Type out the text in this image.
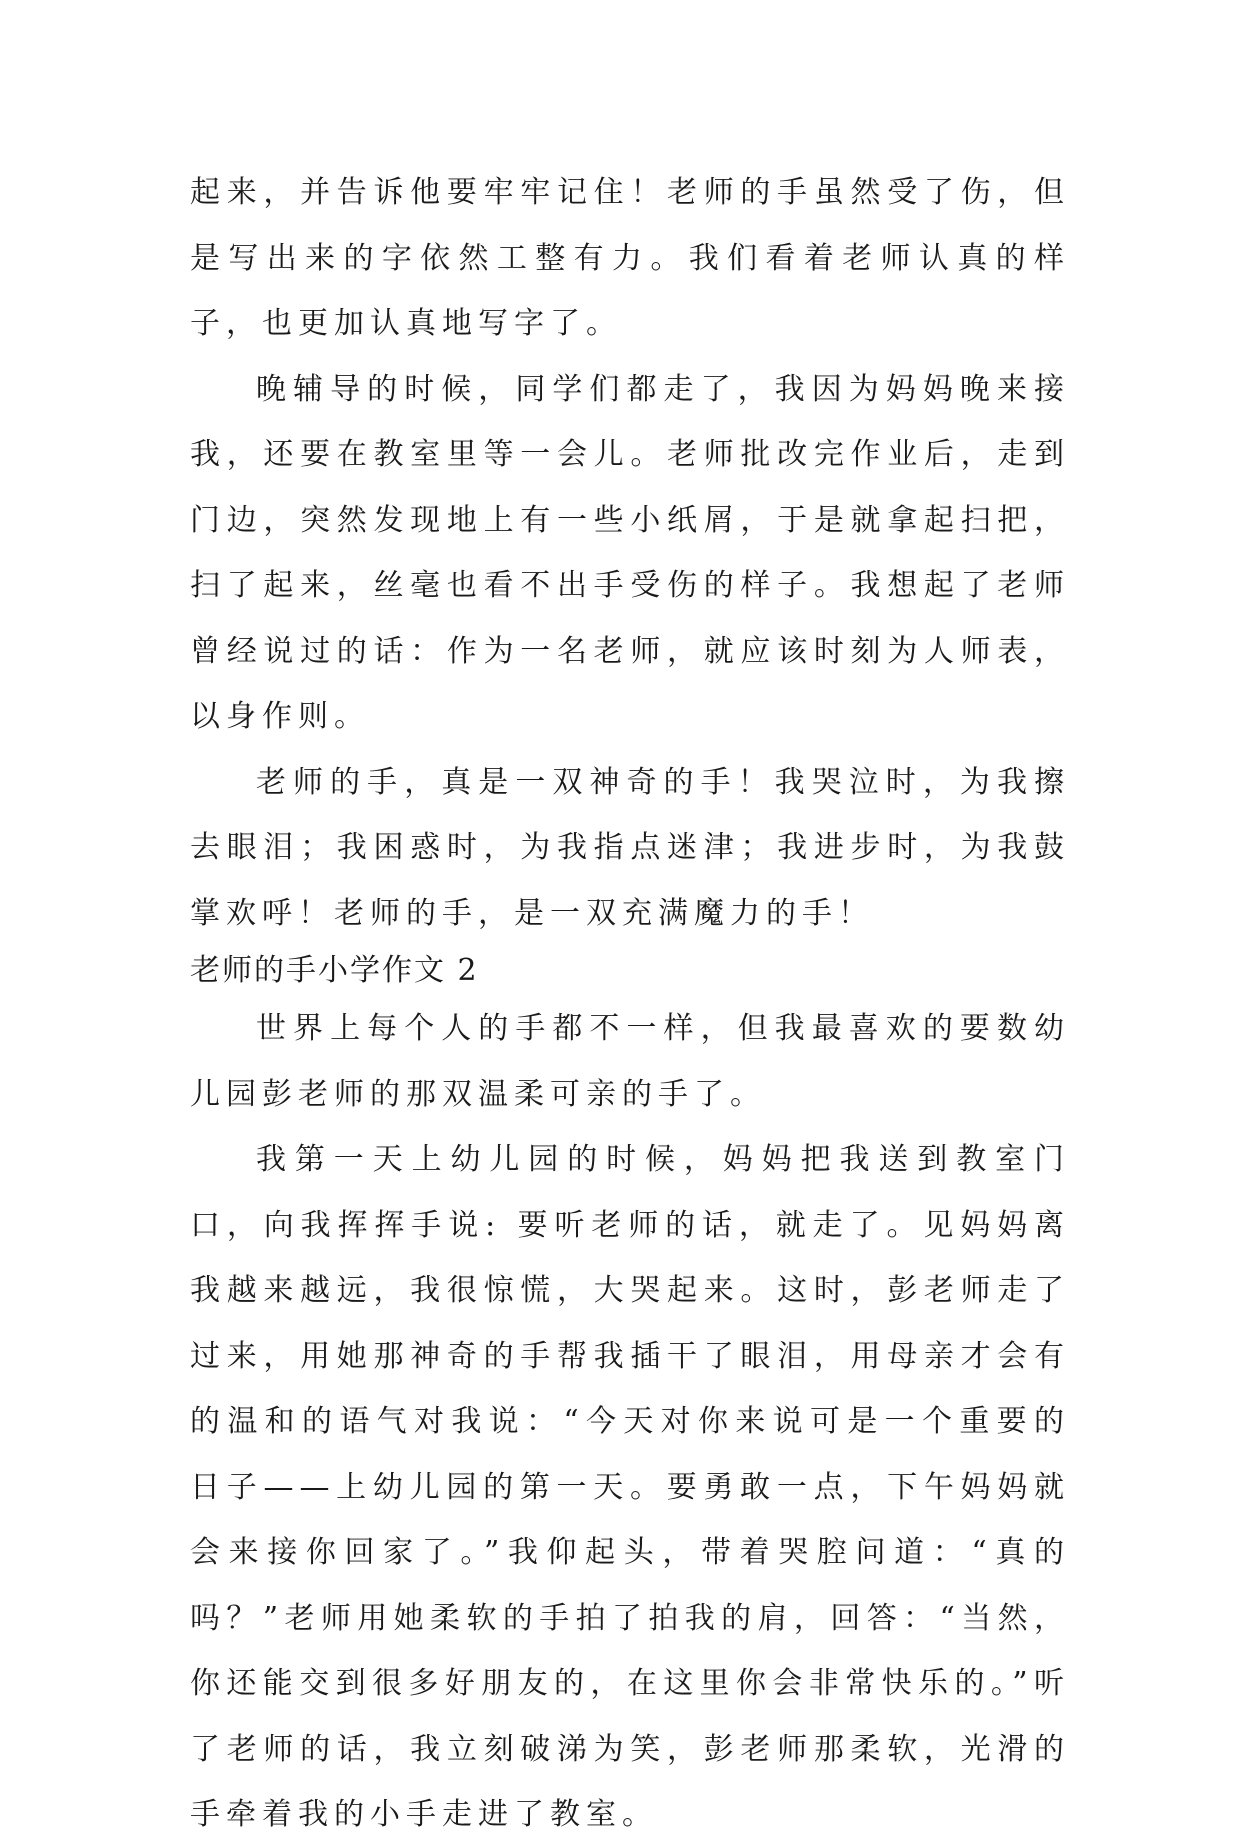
起来，并告诉他要牢牢记住！老师的手虽然受了伤，但是写出来的字依然工整有力。我们看着老师认真的样子，也更加认真地写字了。

晚辅导的时候，同学们都走了，我因为妈妈晚来接我，还要在教室里等一会儿。老师批改完作业后，走到门边，突然发现地上有一些小纸屑，于是就拿起扫把，扫了起来，丝毫也看不出手受伤的样子。我想起了老师曾经说过的话：作为一名老师，就应该时刻为人师表，以身作则。

老师的手，真是一双神奇的手！我哭泣时，为我擦去眼泪；我困惑时，为我指点迷津；我进步时，为我鼓掌欢呼！老师的手，是一双充满魔力的手！

老师的手小学作文 2

世界上每个人的手都不一样，但我最喜欢的要数幼儿园彭老师的那双温柔可亲的手了。

我第一天上幼儿园的时候，妈妈把我送到教室门口，向我挥挥手说: 要听老师的话，就走了。见妈妈离我越来越远，我很惊慌，大哭起来。这时，彭老师走了过来，用她那神奇的手帮我插干了眼泪，用母亲才会有的温和的语气对我说：“今天对你来说可是一个重要的日子——上幼儿园的第一天。要勇敢一点，下午妈妈就会来接你回家了。”我仰起头，带着哭腔问道：“真的吗？”老师用她柔软的手拍了拍我的肩，回答：“当然，你还能交到很多好朋友的，在这里你会非常快乐的。”听了老师的话，我立刻破涕为笑，彭老师那柔软，光滑的手牵着我的小手走进了教室。
